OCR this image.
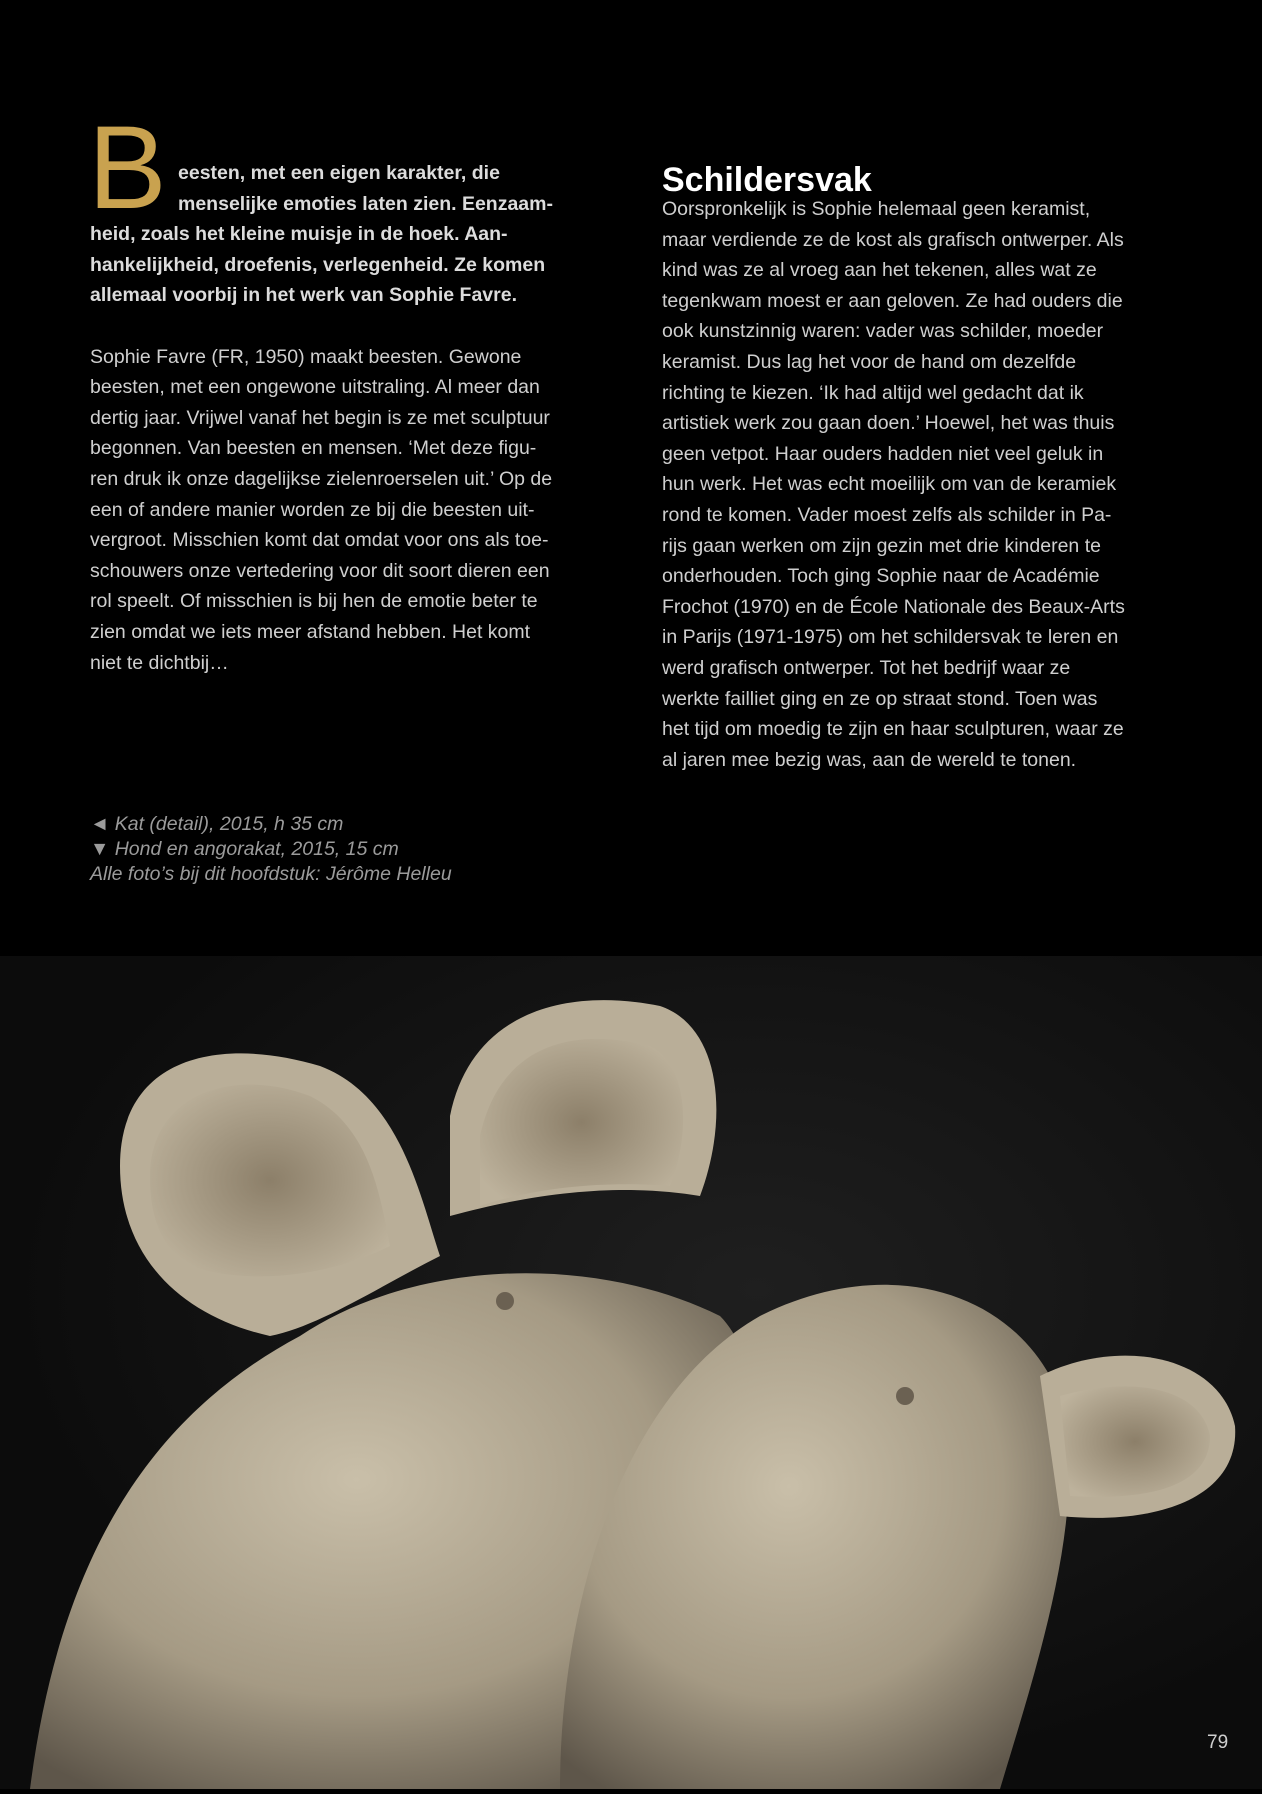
B eesten, met een eigen karakter, die
menselijke emoties laten zien. Eenzaam-
heid, zoals het kleine muisje in de hoek. Aan-
hankelijkheid, droefenis, verlegenheid. Ze komen
allemaal voorbij in het werk van Sophie Favre.
Sophie Favre (FR, 1950) maakt beesten. Gewone
beesten, met een ongewone uitstraling. Al meer dan
dertig jaar. Vrijwel vanaf het begin is ze met sculptuur
begonnen. Van beesten en mensen. ‘Met deze figu-
ren druk ik onze dagelijkse zielenroerselen uit.’ Op de
een of andere manier worden ze bij die beesten uit-
vergroot. Misschien komt dat omdat voor ons als toe-
schouwers onze vertedering voor dit soort dieren een
rol speelt. Of misschien is bij hen de emotie beter te
zien omdat we iets meer afstand hebben. Het komt
niet te dichtbij…
Schildersvak
Oorspronkelijk is Sophie helemaal geen keramist,
maar verdiende ze de kost als grafisch ontwerper. Als
kind was ze al vroeg aan het tekenen, alles wat ze
tegenkwam moest er aan geloven. Ze had ouders die
ook kunstzinnig waren: vader was schilder, moeder
keramist. Dus lag het voor de hand om dezelfde
richting te kiezen. ‘Ik had altijd wel gedacht dat ik
artistiek werk zou gaan doen.’ Hoewel, het was thuis
geen vetpot. Haar ouders hadden niet veel geluk in
hun werk. Het was echt moeilijk om van de keramiek
rond te komen. Vader moest zelfs als schilder in Pa-
rijs gaan werken om zijn gezin met drie kinderen te
onderhouden. Toch ging Sophie naar de Académie
Frochot (1970) en de École Nationale des Beaux-Arts
in Parijs (1971-1975) om het schildersvak te leren en
werd grafisch ontwerper. Tot het bedrijf waar ze
werkte failliet ging en ze op straat stond. Toen was
het tijd om moedig te zijn en haar sculpturen, waar ze
al jaren mee bezig was, aan de wereld te tonen.
◄ Kat (detail), 2015, h 35 cm
▼ Hond en angorakat, 2015, 15 cm
Alle foto’s bij dit hoofdstuk: Jérôme Helleu
79
